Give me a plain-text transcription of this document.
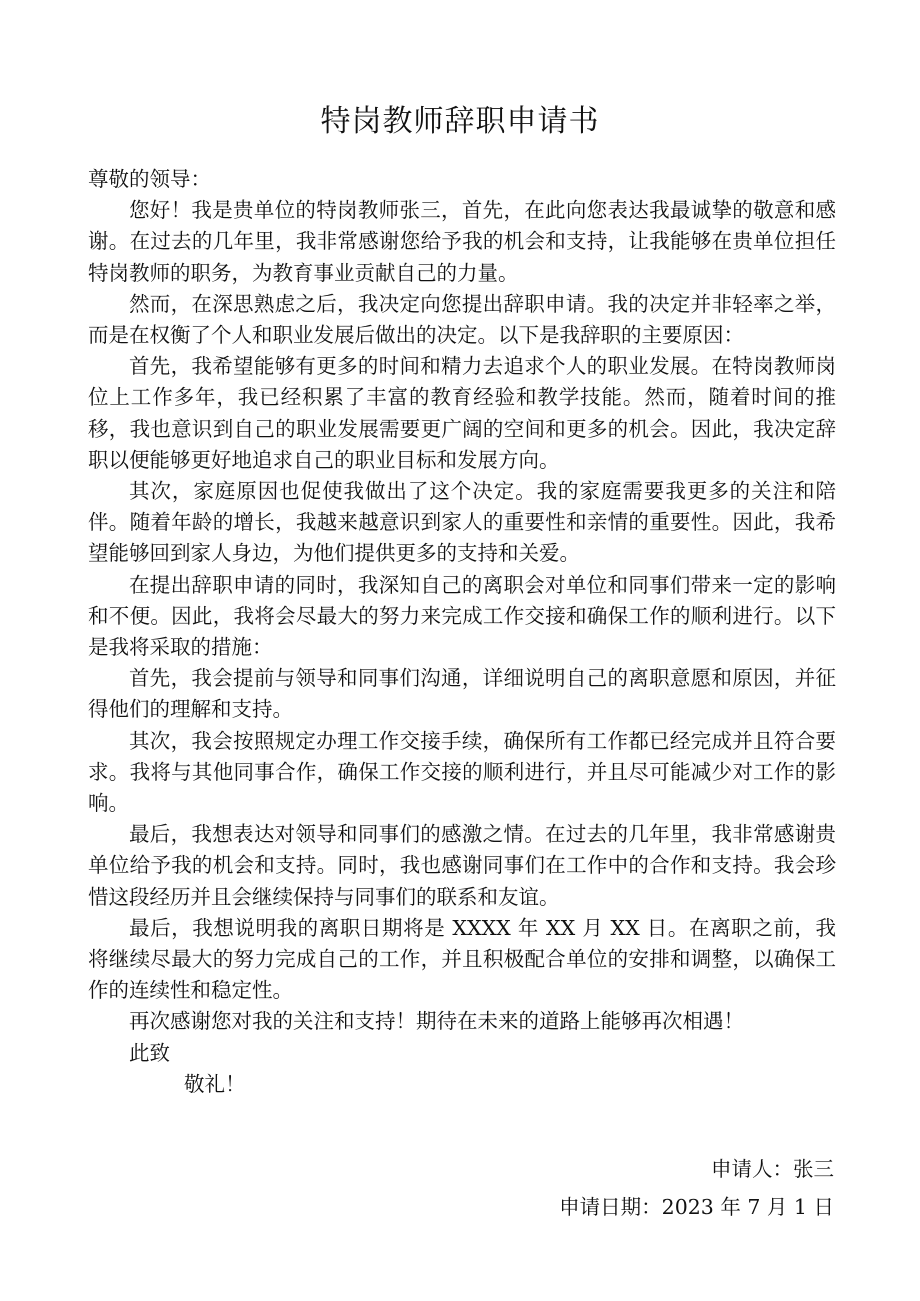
特岗教师辞职申请书

尊敬的领导：

您好！我是贵单位的特岗教师张三，首先，在此向您表达我最诚挚的敬意和感谢。在过去的几年里，我非常感谢您给予我的机会和支持，让我能够在贵单位担任特岗教师的职务，为教育事业贡献自己的力量。

然而，在深思熟虑之后，我决定向您提出辞职申请。我的决定并非轻率之举，而是在权衡了个人和职业发展后做出的决定。以下是我辞职的主要原因：

首先，我希望能够有更多的时间和精力去追求个人的职业发展。在特岗教师岗位上工作多年，我已经积累了丰富的教育经验和教学技能。然而，随着时间的推移，我也意识到自己的职业发展需要更广阔的空间和更多的机会。因此，我决定辞职以便能够更好地追求自己的职业目标和发展方向。

其次，家庭原因也促使我做出了这个决定。我的家庭需要我更多的关注和陪伴。随着年龄的增长，我越来越意识到家人的重要性和亲情的重要性。因此，我希望能够回到家人身边，为他们提供更多的支持和关爱。

在提出辞职申请的同时，我深知自己的离职会对单位和同事们带来一定的影响和不便。因此，我将会尽最大的努力来完成工作交接和确保工作的顺利进行。以下是我将采取的措施：

首先，我会提前与领导和同事们沟通，详细说明自己的离职意愿和原因，并征得他们的理解和支持。

其次，我会按照规定办理工作交接手续，确保所有工作都已经完成并且符合要求。我将与其他同事合作，确保工作交接的顺利进行，并且尽可能减少对工作的影响。

最后，我想表达对领导和同事们的感激之情。在过去的几年里，我非常感谢贵单位给予我的机会和支持。同时，我也感谢同事们在工作中的合作和支持。我会珍惜这段经历并且会继续保持与同事们的联系和友谊。

最后，我想说明我的离职日期将是 XXXX 年 XX 月 XX 日。在离职之前，我将继续尽最大的努力完成自己的工作，并且积极配合单位的安排和调整，以确保工作的连续性和稳定性。

再次感谢您对我的关注和支持！期待在未来的道路上能够再次相遇！

此致

敬礼！

申请人：张三

申请日期：2023 年 7 月 1 日
